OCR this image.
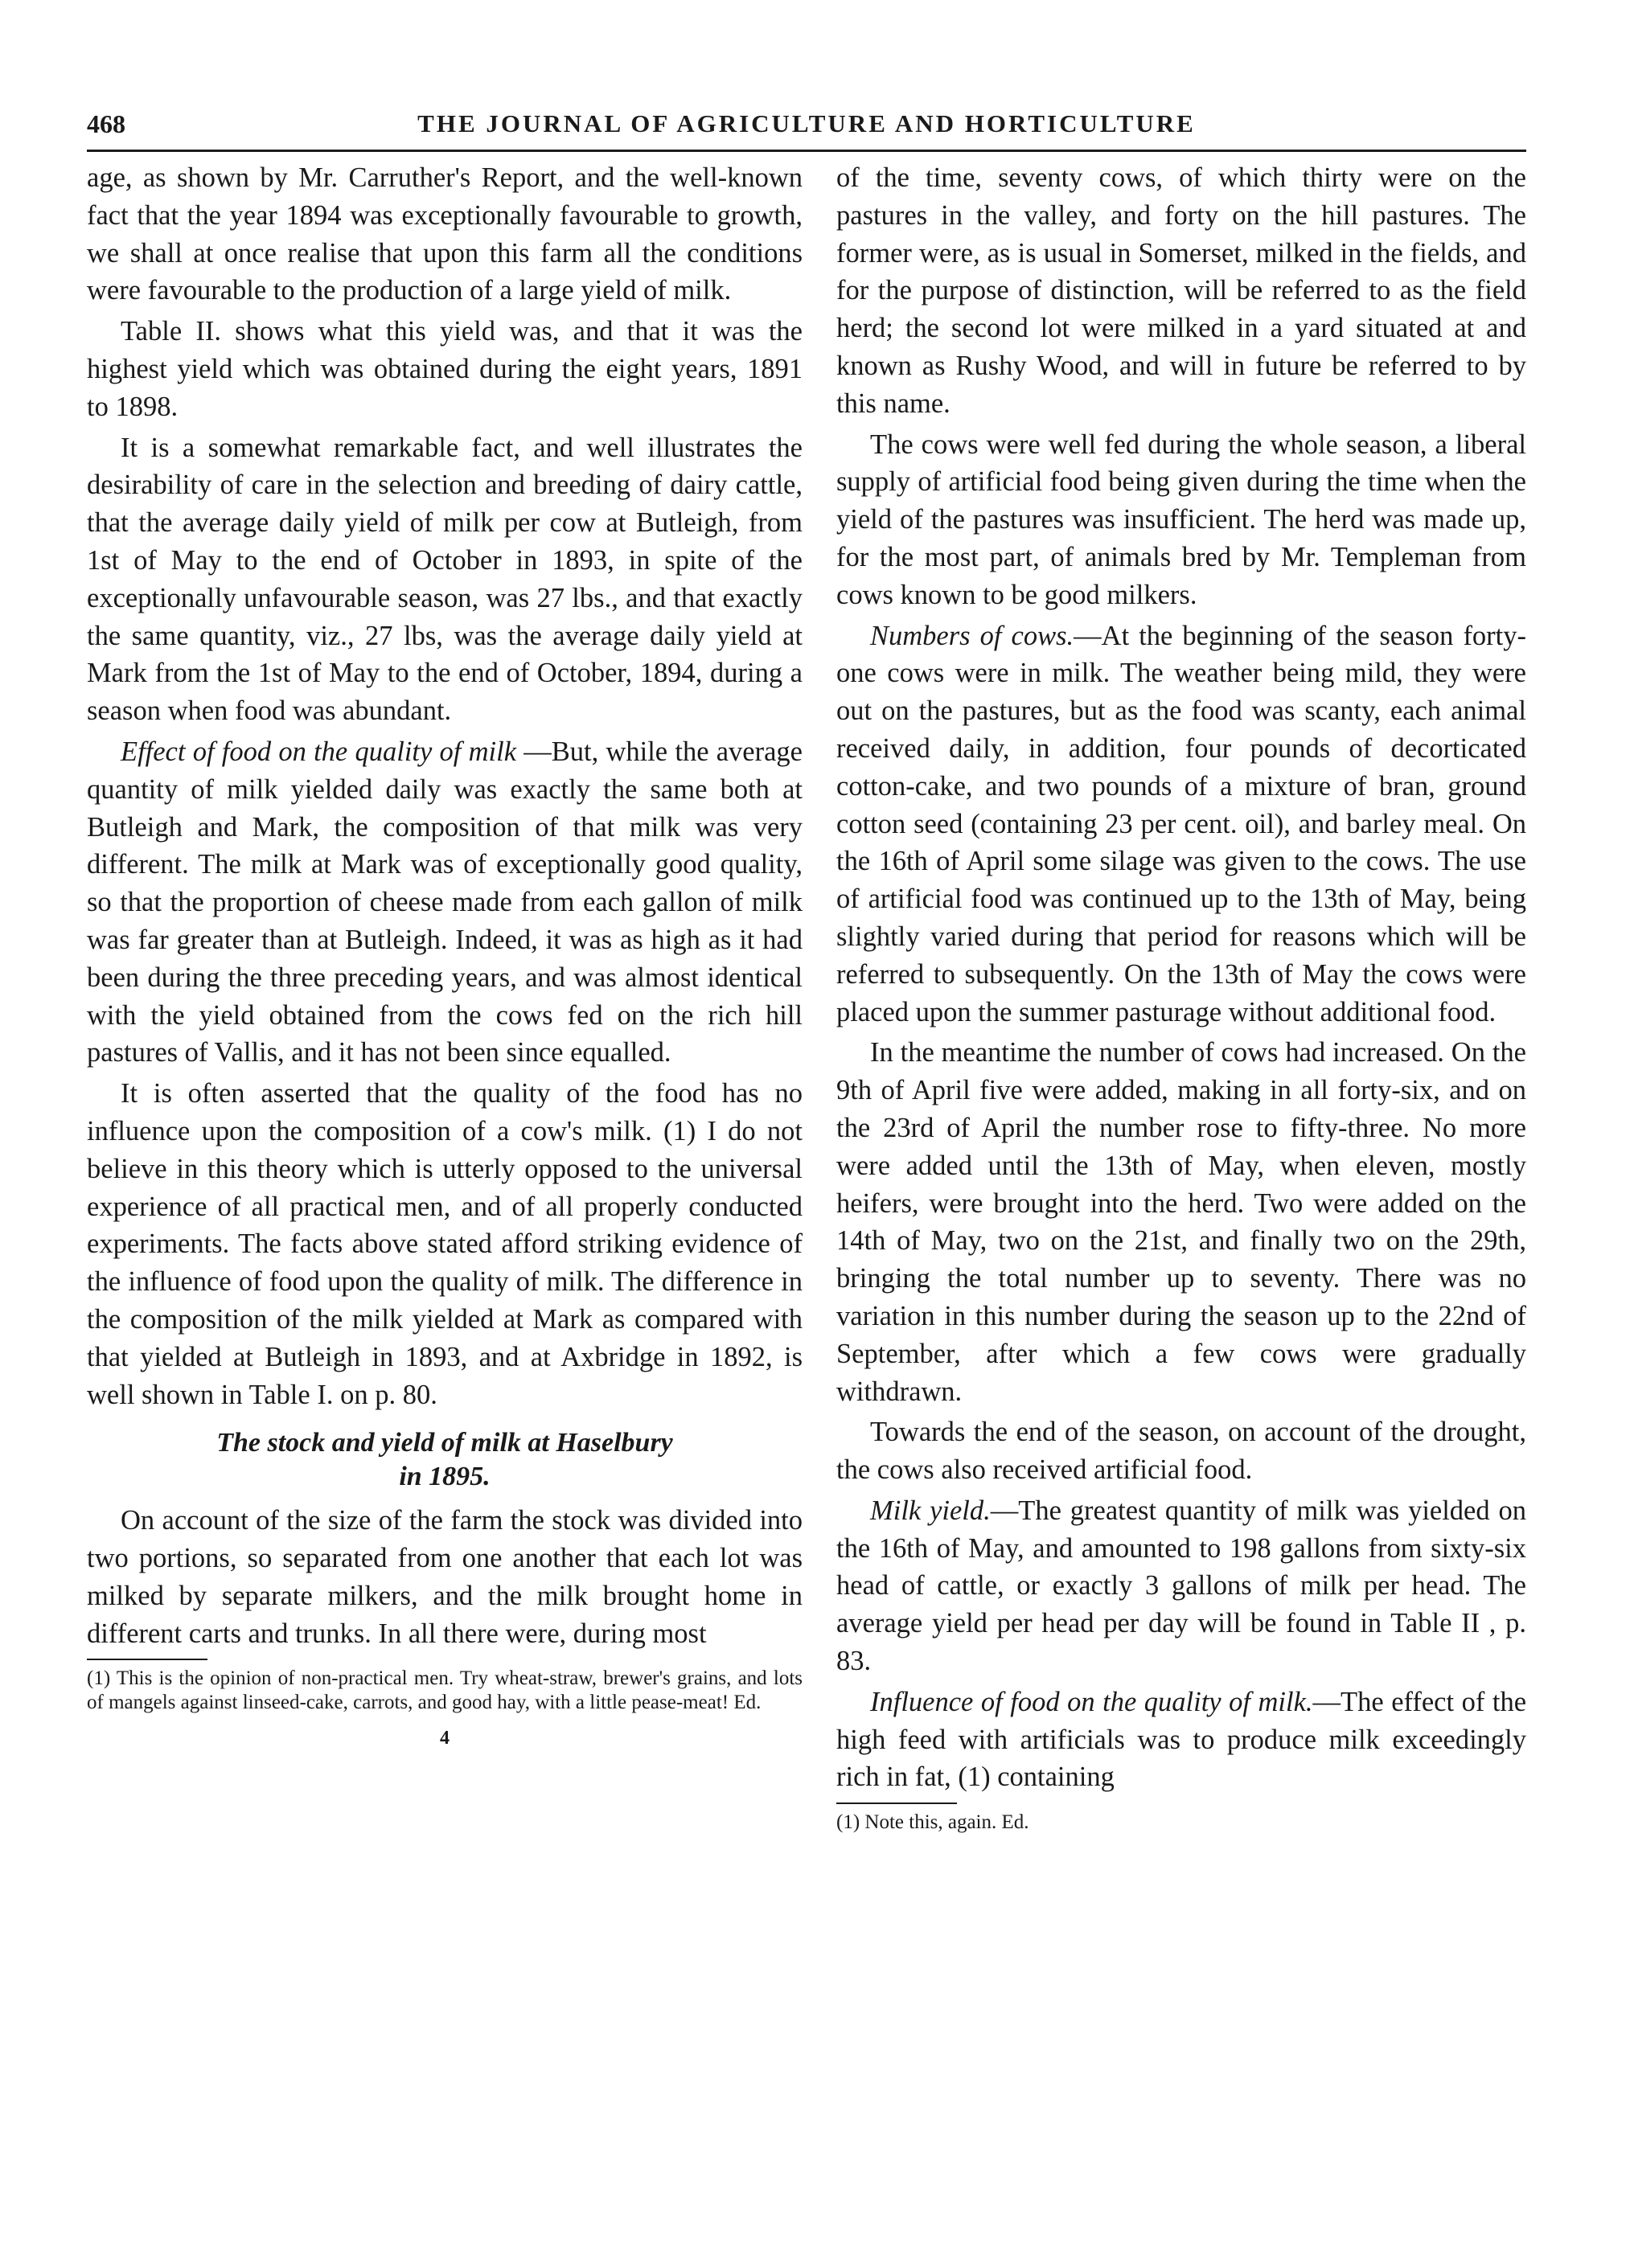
468	THE JOURNAL OF AGRICULTURE AND HORTICULTURE

age, as shown by Mr. Carruther's Report, and the well-known fact that the year 1894 was exceptionally favourable to growth, we shall at once realise that upon this farm all the conditions were favourable to the production of a large yield of milk.

Table II. shows what this yield was, and that it was the highest yield which was obtained during the eight years, 1891 to 1898.

It is a somewhat remarkable fact, and well illustrates the desirability of care in the selection and breeding of dairy cattle, that the average daily yield of milk per cow at Butleigh, from 1st of May to the end of October in 1893, in spite of the exceptionally unfavourable season, was 27 lbs., and that exactly the same quantity, viz., 27 lbs, was the average daily yield at Mark from the 1st of May to the end of October, 1894, during a season when food was abundant.

Effect of food on the quality of milk —But, while the average quantity of milk yielded daily was exactly the same both at Butleigh and Mark, the composition of that milk was very different. The milk at Mark was of exceptionally good quality, so that the proportion of cheese made from each gallon of milk was far greater than at Butleigh. Indeed, it was as high as it had been during the three preceding years, and was almost identical with the yield obtained from the cows fed on the rich hill pastures of Vallis, and it has not been since equalled.

It is often asserted that the quality of the food has no influence upon the composition of a cow's milk. (1) I do not believe in this theory which is utterly opposed to the universal experience of all practical men, and of all properly conducted experiments. The facts above stated afford striking evidence of the influence of food upon the quality of milk. The difference in the composition of the milk yielded at Mark as compared with that yielded at Butleigh in 1893, and at Axbridge in 1892, is well shown in Table I. on p. 80.

The stock and yield of milk at Haselbury
in 1895.

On account of the size of the farm the stock was divided into two portions, so separated from one another that each lot was milked by separate milkers, and the milk brought home in different carts and trunks. In all there were, during most

(1) This is the opinion of non-practical men. Try wheat-straw, brewer's grains, and lots of mangels against linseed-cake, carrots, and good hay, with a little pease-meat! Ed.

4

of the time, seventy cows, of which thirty were on the pastures in the valley, and forty on the hill pastures. The former were, as is usual in Somerset, milked in the fields, and for the purpose of distinction, will be referred to as the field herd; the second lot were milked in a yard situated at and known as Rushy Wood, and will in future be referred to by this name.

The cows were well fed during the whole season, a liberal supply of artificial food being given during the time when the yield of the pastures was insufficient. The herd was made up, for the most part, of animals bred by Mr. Templeman from cows known to be good milkers.

Numbers of cows.—At the beginning of the season forty-one cows were in milk. The weather being mild, they were out on the pastures, but as the food was scanty, each animal received daily, in addition, four pounds of decorticated cotton-cake, and two pounds of a mixture of bran, ground cotton seed (containing 23 per cent. oil), and barley meal. On the 16th of April some silage was given to the cows. The use of artificial food was continued up to the 13th of May, being slightly varied during that period for reasons which will be referred to subsequently. On the 13th of May the cows were placed upon the summer pasturage without additional food.

In the meantime the number of cows had increased. On the 9th of April five were added, making in all forty-six, and on the 23rd of April the number rose to fifty-three. No more were added until the 13th of May, when eleven, mostly heifers, were brought into the herd. Two were added on the 14th of May, two on the 21st, and finally two on the 29th, bringing the total number up to seventy. There was no variation in this number during the season up to the 22nd of September, after which a few cows were gradually withdrawn.

Towards the end of the season, on account of the drought, the cows also received artificial food.

Milk yield.—The greatest quantity of milk was yielded on the 16th of May, and amounted to 198 gallons from sixty-six head of cattle, or exactly 3 gallons of milk per head. The average yield per head per day will be found in Table II , p. 83.

Influence of food on the quality of milk.—The effect of the high feed with artificials was to produce milk exceedingly rich in fat, (1) containing

(1) Note this, again. Ed.
